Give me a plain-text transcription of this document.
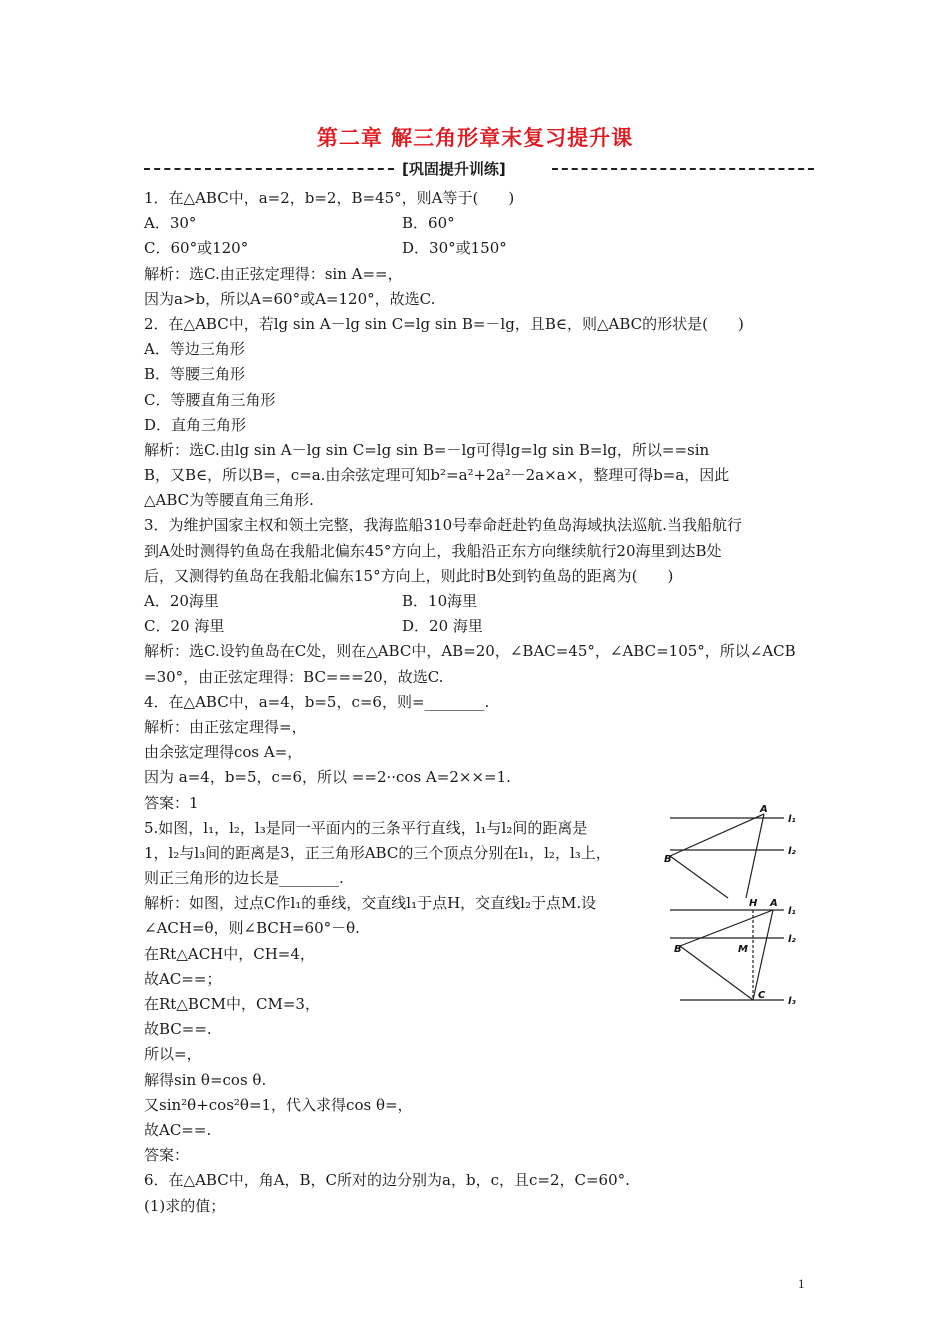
第二章 解三角形章末复习提升课
[巩固提升训练]
1．在△ABC中，a=2，b=2，B=45°，则A等于(　　)
A．30°	B．60°
C．60°或120°	D．30°或150°
解析：选C.由正弦定理得：sin A==，
因为a>b，所以A=60°或A=120°，故选C.
2．在△ABC中，若lg sin A－lg sin C=lg sin B=－lg，且B∈，则△ABC的形状是(　　)
A．等边三角形
B．等腰三角形
C．等腰直角三角形
D．直角三角形
解析：选C.由lg sin A－lg sin C=lg sin B=－lg可得lg=lg sin B=lg，所以==sin
B，又B∈，所以B=，c=a.由余弦定理可知b²=a²+2a²－2a×a×，整理可得b=a，因此
△ABC为等腰直角三角形.
3．为维护国家主权和领土完整，我海监船310号奉命赶赴钓鱼岛海域执法巡航.当我船航行
到A处时测得钓鱼岛在我船北偏东45°方向上，我船沿正东方向继续航行20海里到达B处
后，又测得钓鱼岛在我船北偏东15°方向上，则此时B处到钓鱼岛的距离为(　　)
A．20海里	B．10海里
C．20 海里	D．20 海里
解析：选C.设钓鱼岛在C处，则在△ABC中，AB=20，∠BAC=45°，∠ABC=105°，所以∠ACB
=30°，由正弦定理得：BC===20，故选C.
4．在△ABC中，a=4，b=5，c=6，则=________.
解析：由正弦定理得=，
由余弦定理得cos A=，
因为 a=4，b=5，c=6，所以 ==2··cos A=2××=1.
答案：1
5.如图，l₁，l₂，l₃是同一平面内的三条平行直线，l₁与l₂间的距离是
1，l₂与l₃间的距离是3，正三角形ABC的三个顶点分别在l₁，l₂，l₃上，
则正三角形的边长是________.
解析：如图，过点C作l₁的垂线，交直线l₁于点H，交直线l₂于点M.设
∠ACH=θ，则∠BCH=60°－θ.
在Rt△ACH中，CH=4，
故AC==；
在Rt△BCM中，CM=3，
故BC==.
所以=，
解得sin θ=cos θ.
又sin²θ+cos²θ=1，代入求得cos θ=，
故AC==.
答案：
6．在△ABC中，角A，B，C所对的边分别为a，b，c，且c=2，C=60°.
(1)求的值；
A
l₁
l₂
B
H A
l₁
l₂
B	M
C
l₃
1
